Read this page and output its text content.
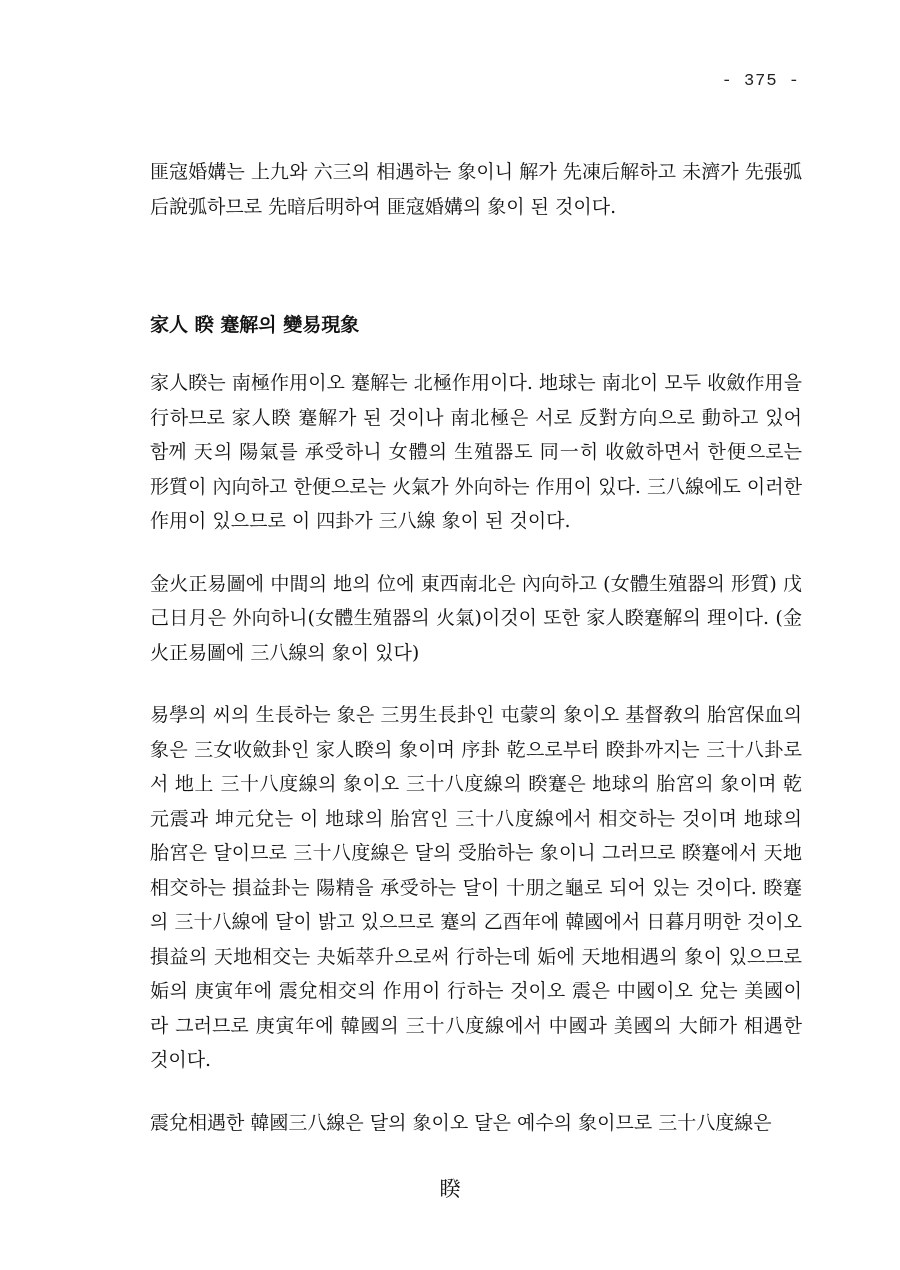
- 375 -

匪寇婚媾는 上九와 六三의 相遇하는 象이니 解가 先凍后解하고 未濟가 先張弧后說弧하므로 先暗后明하여 匪寇婚媾의 象이 된 것이다.

家人 睽 蹇解의 變易現象

家人睽는 南極作用이오 蹇解는 北極作用이다. 地球는 南北이 모두 收斂作用을 行하므로 家人睽 蹇解가 된 것이나 南北極은 서로 反對方向으로 動하고 있어 함께 天의 陽氣를 承受하니 女體의 生殖器도 同一히 收斂하면서 한便으로는 形質이 內向하고 한便으로는 火氣가 外向하는 作用이 있다. 三八線에도 이러한 作用이 있으므로 이 四卦가 三八線 象이 된 것이다.

金火正易圖에 中間의 地의 位에 東西南北은 內向하고 (女體生殖器의 形質) 戊己日月은 外向하니(女體生殖器의 火氣)이것이 또한 家人睽蹇解의 理이다. (金火正易圖에 三八線의 象이 있다)

易學의 씨의 生長하는 象은 三男生長卦인 屯蒙의 象이오 基督敎의 胎宮保血의 象은 三女收斂卦인 家人睽의 象이며 序卦 乾으로부터 睽卦까지는 三十八卦로서 地上 三十八度線의 象이오 三十八度線의 睽蹇은 地球의 胎宮의 象이며 乾元震과 坤元兌는 이 地球의 胎宮인 三十八度線에서 相交하는 것이며 地球의 胎宮은 달이므로 三十八度線은 달의 受胎하는 象이니 그러므로 睽蹇에서 天地相交하는 損益卦는 陽精을 承受하는 달이 十朋之龜로 되어 있는 것이다. 睽蹇의 三十八線에 달이 밝고 있으므로 蹇의 乙酉年에 韓國에서 日暮月明한 것이오 損益의 天地相交는 夬姤萃升으로써 行하는데 姤에 天地相遇의 象이 있으므로 姤의 庚寅年에 震兌相交의 作用이 行하는 것이오 震은 中國이오 兌는 美國이라 그러므로 庚寅年에 韓國의 三十八度線에서 中國과 美國의 大師가 相遇한 것이다.

震兌相遇한 韓國三八線은 달의 象이오 달은 예수의 象이므로 三十八度線은

睽
